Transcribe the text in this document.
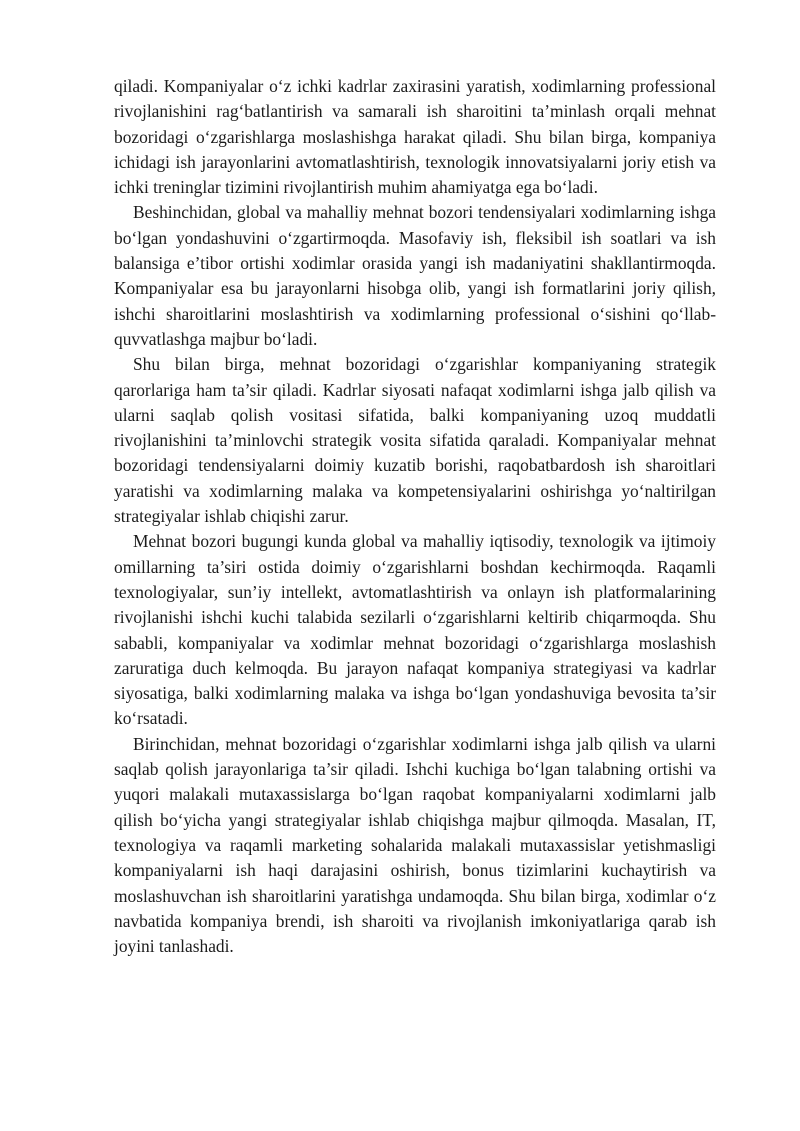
qiladi. Kompaniyalar o‘z ichki kadrlar zaxirasini yaratish, xodimlarning professional rivojlanishini rag‘batlantirish va samarali ish sharoitini ta’minlash orqali mehnat bozoridagi o‘zgarishlarga moslashishga harakat qiladi. Shu bilan birga, kompaniya ichidagi ish jarayonlarini avtomatlashtirish, texnologik innovatsiyalarni joriy etish va ichki treninglar tizimini rivojlantirish muhim ahamiyatga ega bo‘ladi.

Beshinchidan, global va mahalliy mehnat bozori tendensiyalari xodimlarning ishga bo‘lgan yondashuvini o‘zgartirmoqda. Masofaviy ish, fleksibil ish soatlari va ish balansiga e’tibor ortishi xodimlar orasida yangi ish madaniyatini shakllantirmoqda. Kompaniyalar esa bu jarayonlarni hisobga olib, yangi ish formatlarini joriy qilish, ishchi sharoitlarini moslashtirish va xodimlarning professional o‘sishini qo‘llab-quvvatlashga majbur bo‘ladi.

Shu bilan birga, mehnat bozoridagi o‘zgarishlar kompaniyaning strategik qarorlariga ham ta’sir qiladi. Kadrlar siyosati nafaqat xodimlarni ishga jalb qilish va ularni saqlab qolish vositasi sifatida, balki kompaniyaning uzoq muddatli rivojlanishini ta’minlovchi strategik vosita sifatida qaraladi. Kompaniyalar mehnat bozoridagi tendensiyalarni doimiy kuzatib borishi, raqobatbardosh ish sharoitlari yaratishi va xodimlarning malaka va kompetensiyalarini oshirishga yo‘naltirilgan strategiyalar ishlab chiqishi zarur.

Mehnat bozori bugungi kunda global va mahalliy iqtisodiy, texnologik va ijtimoiy omillarning ta’siri ostida doimiy o‘zgarishlarni boshdan kechirmoqda. Raqamli texnologiyalar, sun’iy intellekt, avtomatlashtirish va onlayn ish platformalarining rivojlanishi ishchi kuchi talabida sezilarli o‘zgarishlarni keltirib chiqarmoqda. Shu sababli, kompaniyalar va xodimlar mehnat bozoridagi o‘zgarishlarga moslashish zaruratiga duch kelmoqda. Bu jarayon nafaqat kompaniya strategiyasi va kadrlar siyosatiga, balki xodimlarning malaka va ishga bo‘lgan yondashuviga bevosita ta’sir ko‘rsatadi.

Birinchidan, mehnat bozoridagi o‘zgarishlar xodimlarni ishga jalb qilish va ularni saqlab qolish jarayonlariga ta’sir qiladi. Ishchi kuchiga bo‘lgan talabning ortishi va yuqori malakali mutaxassislarga bo‘lgan raqobat kompaniyalarni xodimlarni jalb qilish bo‘yicha yangi strategiyalar ishlab chiqishga majbur qilmoqda. Masalan, IT, texnologiya va raqamli marketing sohalarida malakali mutaxassislar yetishmasligi kompaniyalarni ish haqi darajasini oshirish, bonus tizimlarini kuchaytirish va moslashuvchan ish sharoitlarini yaratishga undamoqda. Shu bilan birga, xodimlar o‘z navbatida kompaniya brendi, ish sharoiti va rivojlanish imkoniyatlariga qarab ish joyini tanlashadi.
